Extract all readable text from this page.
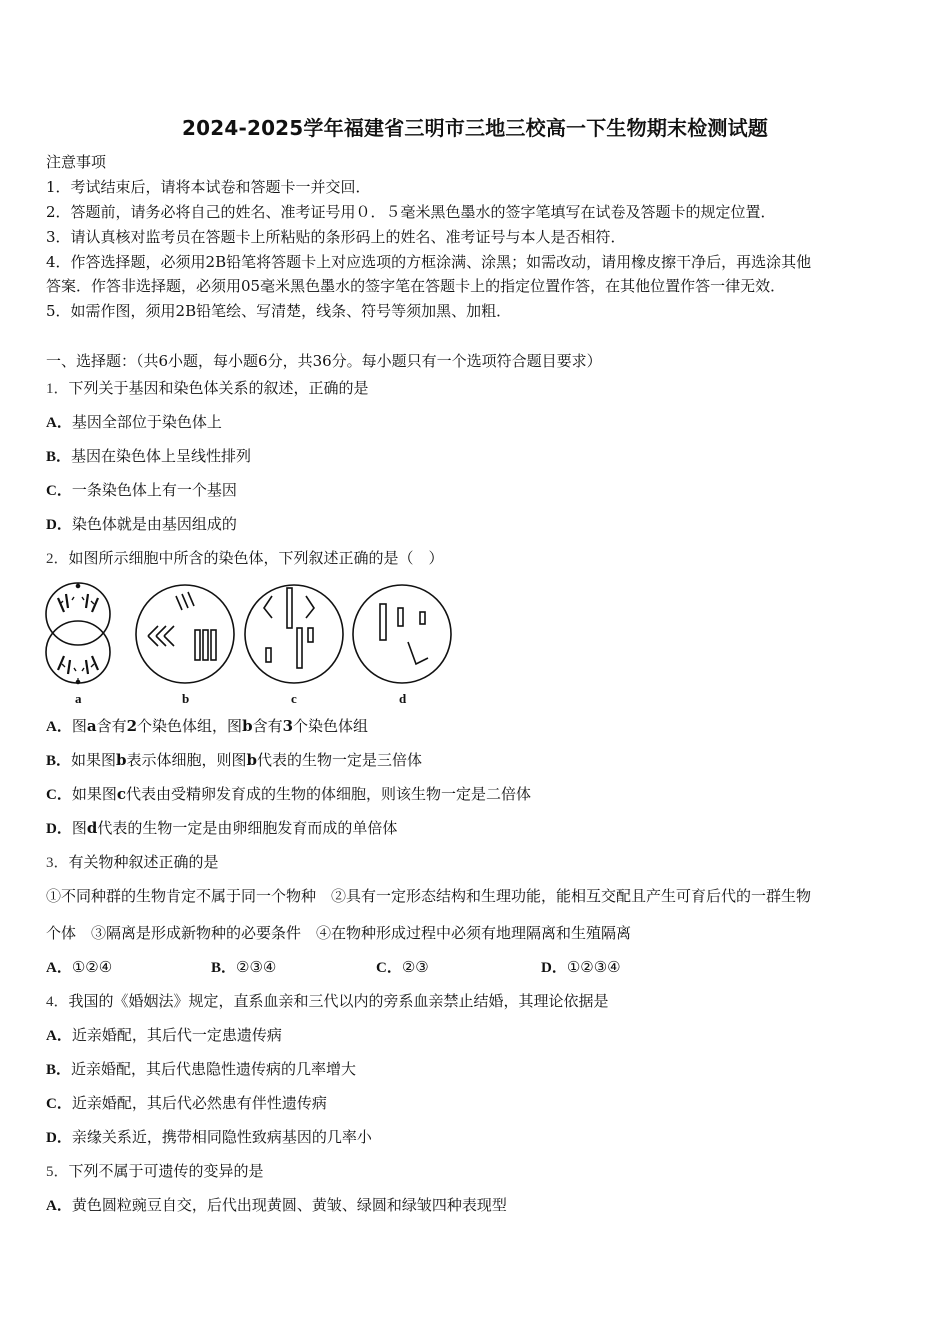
2024-2025学年福建省三明市三地三校高一下生物期末检测试题
注意事项
1．考试结束后，请将本试卷和答题卡一并交回．
2．答题前，请务必将自己的姓名、准考证号用０．５毫米黑色墨水的签字笔填写在试卷及答题卡的规定位置．
3．请认真核对监考员在答题卡上所粘贴的条形码上的姓名、准考证号与本人是否相符．
4．作答选择题，必须用2B铅笔将答题卡上对应选项的方框涂满、涂黑；如需改动，请用橡皮擦干净后，再选涂其他
答案．作答非选择题，必须用05毫米黑色墨水的签字笔在答题卡上的指定位置作答，在其他位置作答一律无效．
5．如需作图，须用2B铅笔绘、写清楚，线条、符号等须加黑、加粗．
一、选择题：（共6小题，每小题6分，共36分。每小题只有一个选项符合题目要求）
1．下列关于基因和染色体关系的叙述，正确的是
A．基因全部位于染色体上
B．基因在染色体上呈线性排列
C．一条染色体上有一个基因
D．染色体就是由基因组成的
2．如图所示细胞中所含的染色体，下列叙述正确的是（　）
a	b	c	d
A．图a含有2个染色体组，图b含有3个染色体组
B．如果图b表示体细胞，则图b代表的生物一定是三倍体
C．如果图c代表由受精卵发育成的生物的体细胞，则该生物一定是二倍体
D．图d代表的生物一定是由卵细胞发育而成的单倍体
3．有关物种叙述正确的是
①不同种群的生物肯定不属于同一个物种　②具有一定形态结构和生理功能，能相互交配且产生可育后代的一群生物
个体　③隔离是形成新物种的必要条件　④在物种形成过程中必须有地理隔离和生殖隔离
A．①②④	B．②③④	C．②③	D．①②③④
4．我国的《婚姻法》规定，直系血亲和三代以内的旁系血亲禁止结婚，其理论依据是
A．近亲婚配，其后代一定患遗传病
B．近亲婚配，其后代患隐性遗传病的几率增大
C．近亲婚配，其后代必然患有伴性遗传病
D．亲缘关系近，携带相同隐性致病基因的几率小
5．下列不属于可遗传的变异的是
A．黄色圆粒豌豆自交，后代出现黄圆、黄皱、绿圆和绿皱四种表现型
